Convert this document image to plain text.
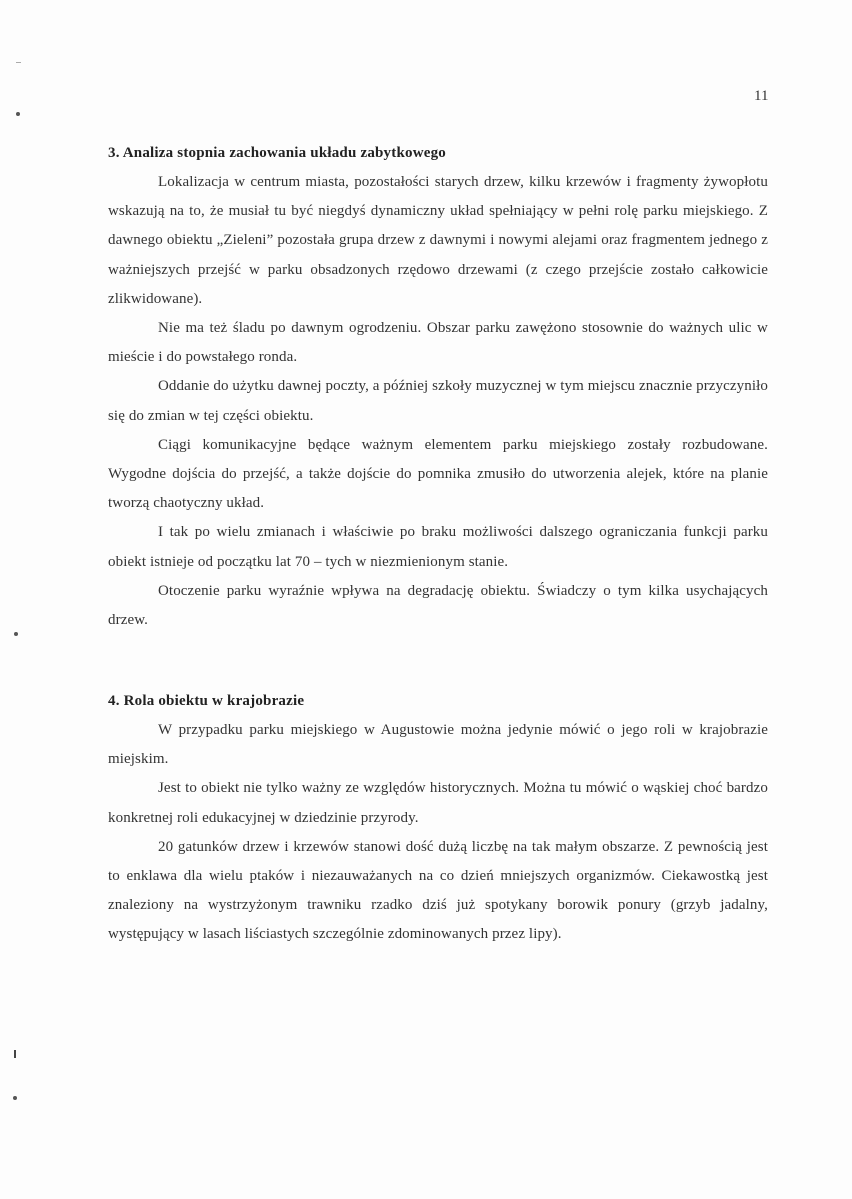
11
3. Analiza stopnia zachowania układu zabytkowego

Lokalizacja w centrum miasta, pozostałości starych drzew, kilku krzewów i fragmenty żywopłotu wskazują na to, że musiał tu być niegdyś dynamiczny układ spełniający w pełni rolę parku miejskiego. Z dawnego obiektu „Zieleni” pozostała grupa drzew z dawnymi i nowymi alejami oraz fragmentem jednego z ważniejszych przejść w parku obsadzonych rzędowo drzewami (z czego przejście zostało całkowicie zlikwidowane).

Nie ma też śladu po dawnym ogrodzeniu. Obszar parku zawężono stosownie do ważnych ulic w mieście i do powstałego ronda.

Oddanie do użytku dawnej poczty, a później szkoły muzycznej w tym miejscu znacznie przyczyniło się do zmian w tej części obiektu.

Ciągi komunikacyjne będące ważnym elementem parku miejskiego zostały rozbudowane. Wygodne dojścia do przejść, a także dojście do pomnika zmusiło do utworzenia alejek, które na planie tworzą chaotyczny układ.

I tak po wielu zmianach i właściwie po braku możliwości dalszego ograniczania funkcji parku obiekt istnieje od początku lat 70 – tych w niezmienionym stanie.

Otoczenie parku wyraźnie wpływa na degradację obiektu. Świadczy o tym kilka usychających drzew.

4. Rola obiektu w krajobrazie

W przypadku parku miejskiego w Augustowie można jedynie mówić o jego roli w krajobrazie miejskim.

Jest to obiekt nie tylko ważny ze względów historycznych. Można tu mówić o wąskiej choć bardzo konkretnej roli edukacyjnej w dziedzinie przyrody.

20 gatunków drzew i krzewów stanowi dość dużą liczbę na tak małym obszarze. Z pewnością jest to enklawa dla wielu ptaków i niezauważanych na co dzień mniejszych organizmów. Ciekawostką jest znaleziony na wystrzyżonym trawniku rzadko dziś już spotykany borowik ponury (grzyb jadalny, występujący w lasach liściastych szczególnie zdominowanych przez lipy).
